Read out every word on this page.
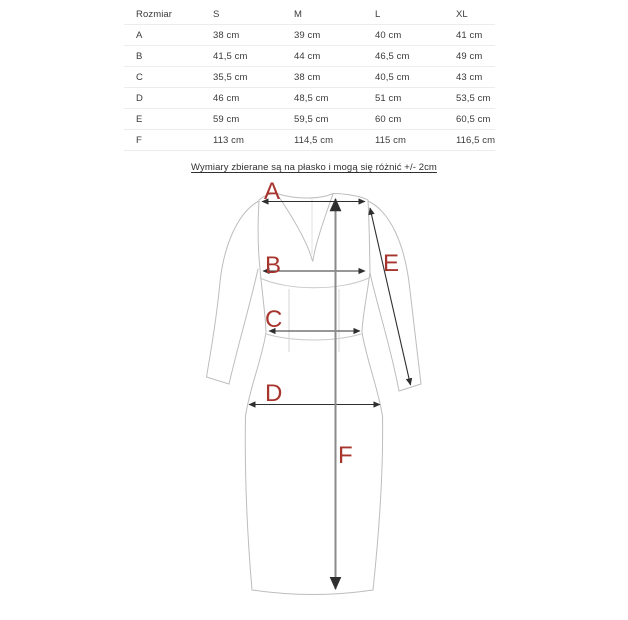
Rozmiar	S	M	L	XL
A	38 cm	39 cm	40 cm	41 cm
B	41,5 cm	44 cm	46,5 cm	49 cm
C	35,5 cm	38 cm	40,5 cm	43 cm
D	46 cm	48,5 cm	51 cm	53,5 cm
E	59 cm	59,5 cm	60 cm	60,5 cm
F	113 cm	114,5 cm	115 cm	116,5 cm
Wymiary zbierane są na płasko i mogą się różnić +/- 2cm
A
B
C
D
E
F
